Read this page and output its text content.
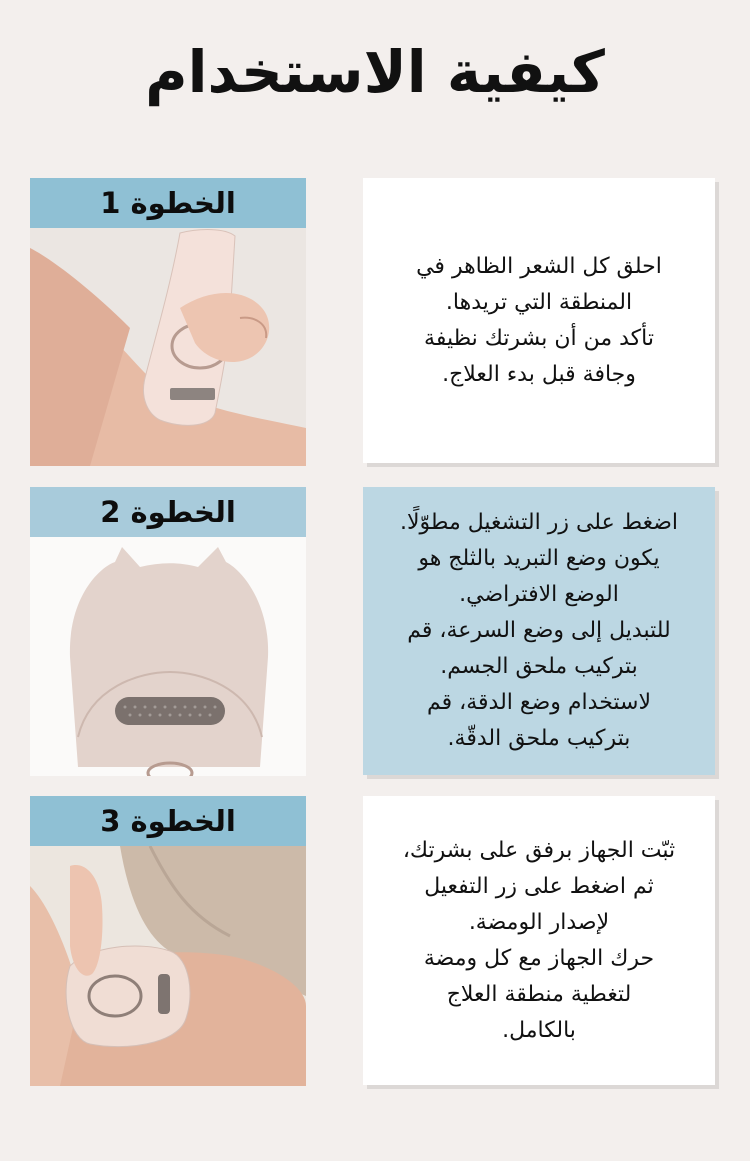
كيفية الاستخدام
الخطوة 1
احلق كل الشعر الظاهر في
المنطقة التي تريدها.
تأكد من أن بشرتك نظيفة
وجافة قبل بدء العلاج.
الخطوة 2	اضغط على زر التشغيل مطوّلًا.
يكون وضع التبريد بالثلج هو
الوضع الافتراضي.
للتبديل إلى وضع السرعة، قم
بتركيب ملحق الجسم.
لاستخدام وضع الدقة، قم
بتركيب ملحق الدقّة.
الخطوة 3
ثبّت الجهاز برفق على بشرتك،
ثم اضغط على زر التفعيل
لإصدار الومضة.
حرك الجهاز مع كل ومضة
لتغطية منطقة العلاج
بالكامل.
